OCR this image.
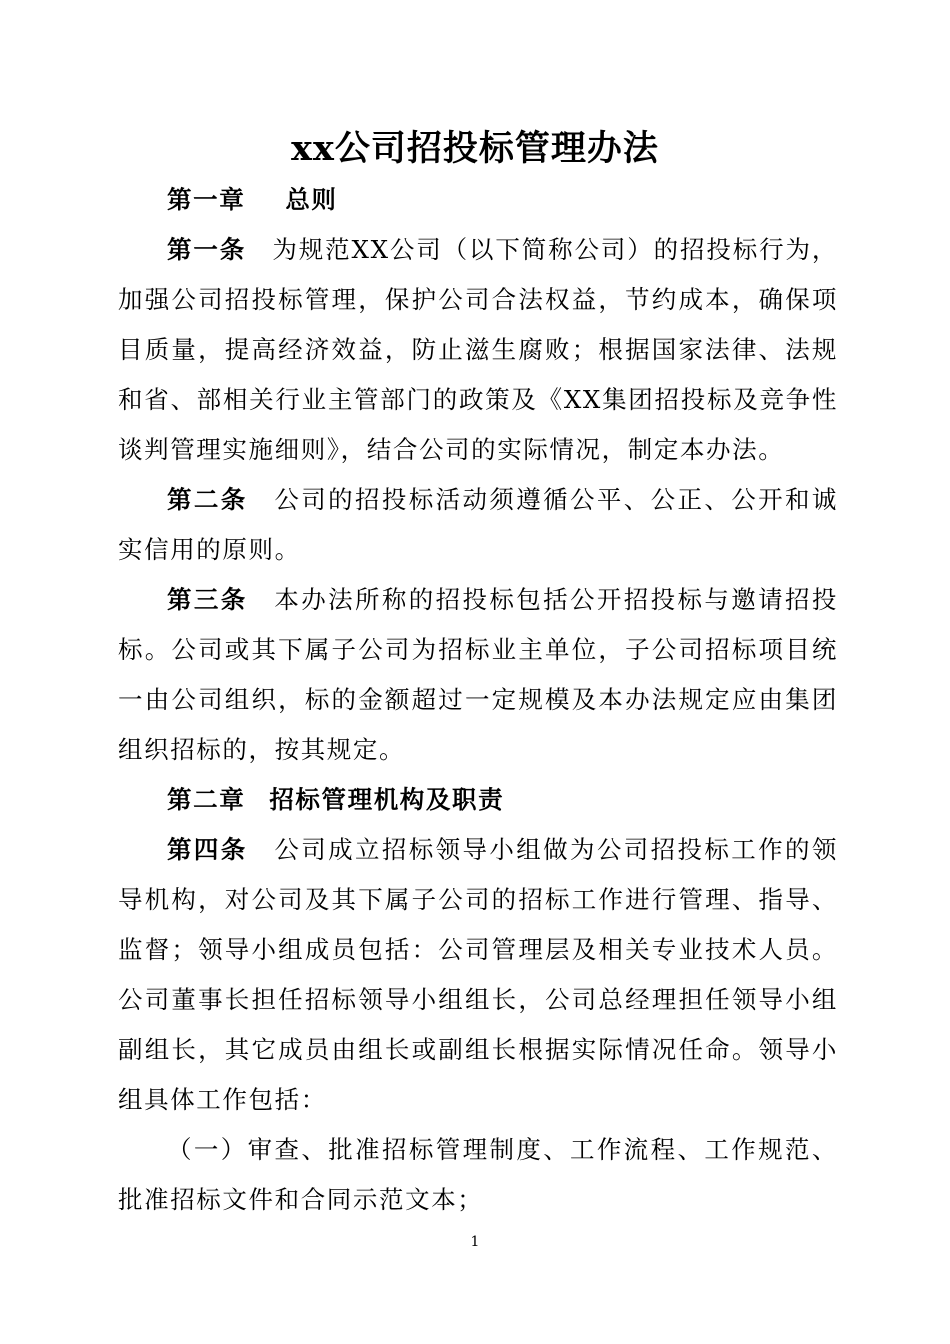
xx公司招投标管理办法

第一章 总则

第一条 为规范XX公司（以下简称公司）的招投标行为，加强公司招投标管理，保护公司合法权益，节约成本，确保项目质量，提高经济效益，防止滋生腐败；根据国家法律、法规和省、部相关行业主管部门的政策及《XX集团招投标及竞争性谈判管理实施细则》，结合公司的实际情况，制定本办法。

第二条 公司的招投标活动须遵循公平、公正、公开和诚实信用的原则。

第三条 本办法所称的招投标包括公开招投标与邀请招投标。公司或其下属子公司为招标业主单位，子公司招标项目统一由公司组织，标的金额超过一定规模及本办法规定应由集团组织招标的，按其规定。

第二章 招标管理机构及职责

第四条 公司成立招标领导小组做为公司招投标工作的领导机构，对公司及其下属子公司的招标工作进行管理、指导、监督；领导小组成员包括：公司管理层及相关专业技术人员。公司董事长担任招标领导小组组长，公司总经理担任领导小组副组长，其它成员由组长或副组长根据实际情况任命。领导小组具体工作包括：

（一）审查、批准招标管理制度、工作流程、工作规范、批准招标文件和合同示范文本；

1
